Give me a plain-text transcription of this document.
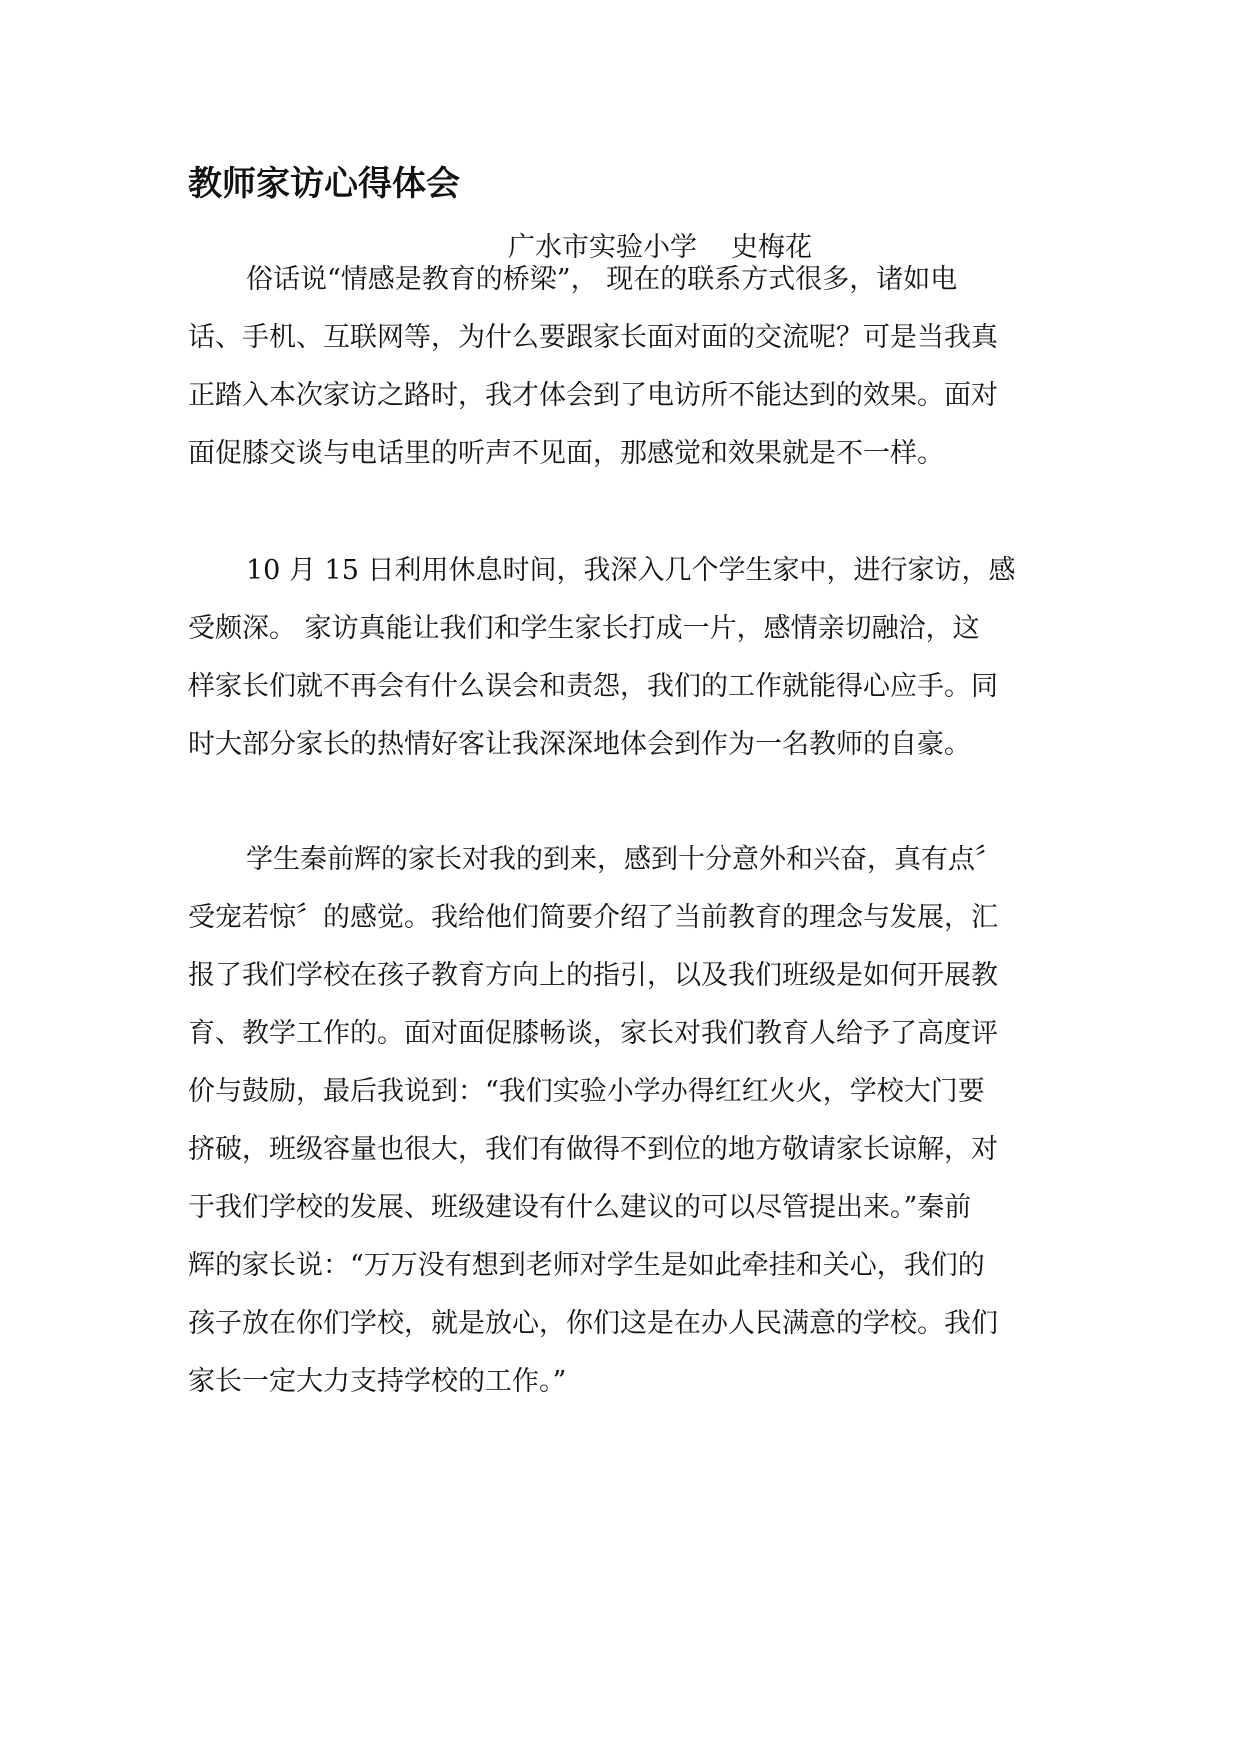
教师家访心得体会

广水市实验小学 史梅花

俗话说“情感是教育的桥梁”， 现在的联系方式很多，诸如电

话、手机、互联网等，为什么要跟家长面对面的交流呢？可是当我真

正踏入本次家访之路时，我才体会到了电访所不能达到的效果。面对

面促膝交谈与电话里的听声不见面，那感觉和效果就是不一样。

10 月 15 日利用休息时间，我深入几个学生家中，进行家访，感

受颇深。 家访真能让我们和学生家长打成一片，感情亲切融洽，这

样家长们就不再会有什么误会和责怨，我们的工作就能得心应手。同

时大部分家长的热情好客让我深深地体会到作为一名教师的自豪。

学生秦前辉的家长对我的到来，感到十分意外和兴奋，真有点〞

受宠若惊〞的感觉。我给他们简要介绍了当前教育的理念与发展，汇

报了我们学校在孩子教育方向上的指引，以及我们班级是如何开展教

育、教学工作的。面对面促膝畅谈，家长对我们教育人给予了高度评

价与鼓励，最后我说到：“我们实验小学办得红红火火，学校大门要

挤破，班级容量也很大，我们有做得不到位的地方敬请家长谅解，对

于我们学校的发展、班级建设有什么建议的可以尽管提出来。”秦前

辉的家长说：“万万没有想到老师对学生是如此牵挂和关心，我们的

孩子放在你们学校，就是放心，你们这是在办人民满意的学校。我们

家长一定大力支持学校的工作。”
